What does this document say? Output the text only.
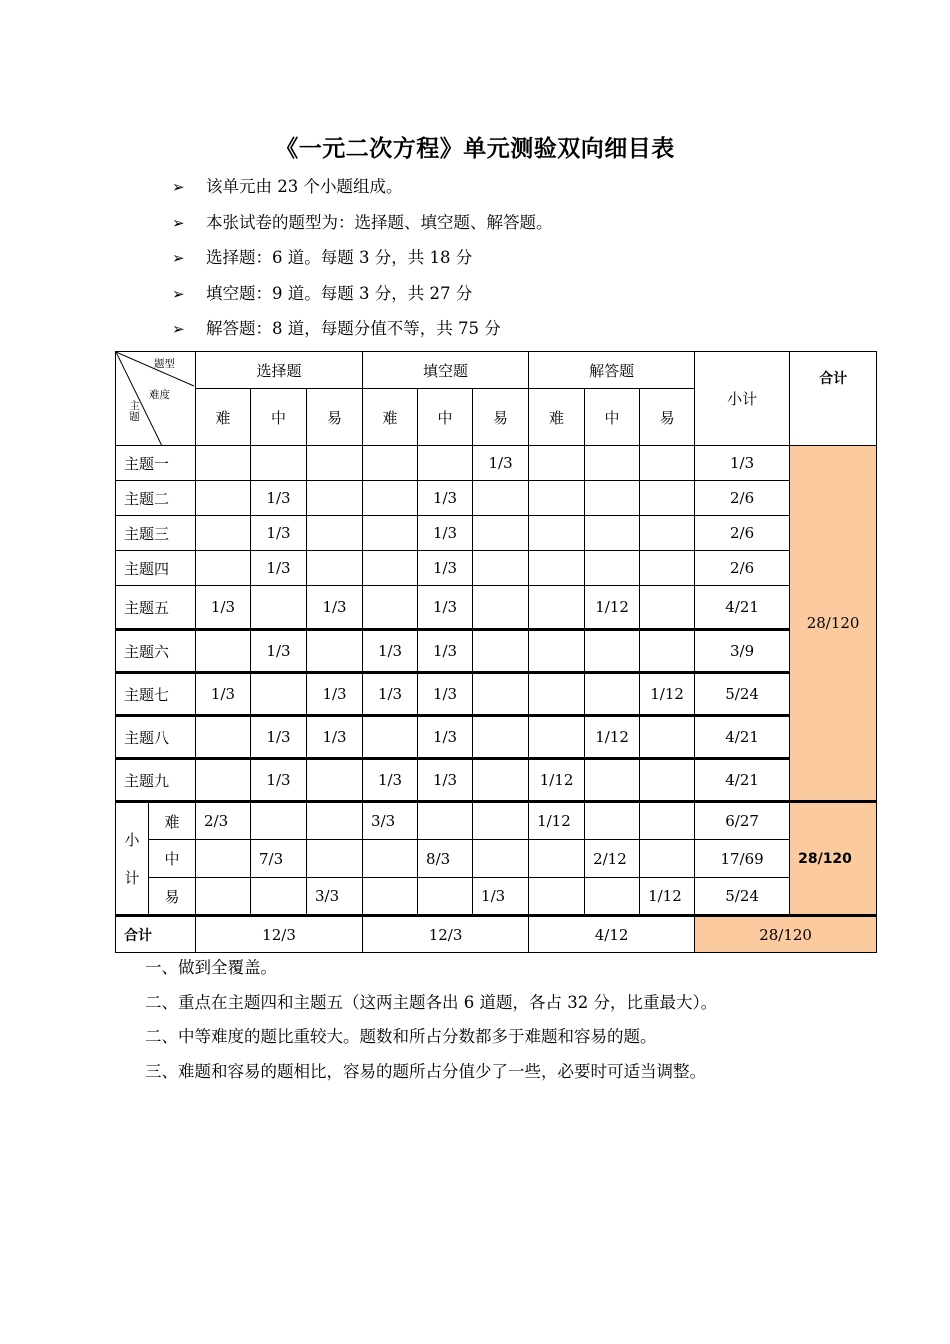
《一元二次方程》单元测验双向细目表
➢该单元由 23 个小题组成。
➢本张试卷的题型为：选择题、填空题、解答题。
➢选择题：6 道。每题 3 分，共 18 分
➢填空题：9 道。每题 3 分，共 27 分
➢解答题：8 道，每题分值不等，共 75 分
题型
难度
主题		选择题			填空题			解答题			小计	合计
		难	中	易	难	中	易	难	中	易		
主题一							1/3				1/3	28/120
主题二			1/3			1/3					2/6	
主题三			1/3			1/3					2/6	
主题四			1/3			1/3					2/6	
主题五		1/3		1/3		1/3			1/12		4/21	
主题六			1/3		1/3	1/3					3/9	
主题七		1/3		1/3	1/3	1/3				1/12	5/24	
主题八			1/3	1/3		1/3			1/12		4/21	
主题九			1/3		1/3	1/3		1/12			4/21	

小
计	难	2/3			3/3			1/12			6/27	28/120
	中		7/3			8/3			2/12		17/69	
	易			3/3			1/3			1/12	5/24	
合计		12/3			12/3			4/12			28/120	
一、做到全覆盖。
二、重点在主题四和主题五（这两主题各出 6 道题，各占 32 分，比重最大）。
二、中等难度的题比重较大。题数和所占分数都多于难题和容易的题。
三、难题和容易的题相比，容易的题所占分值少了一些，必要时可适当调整。
